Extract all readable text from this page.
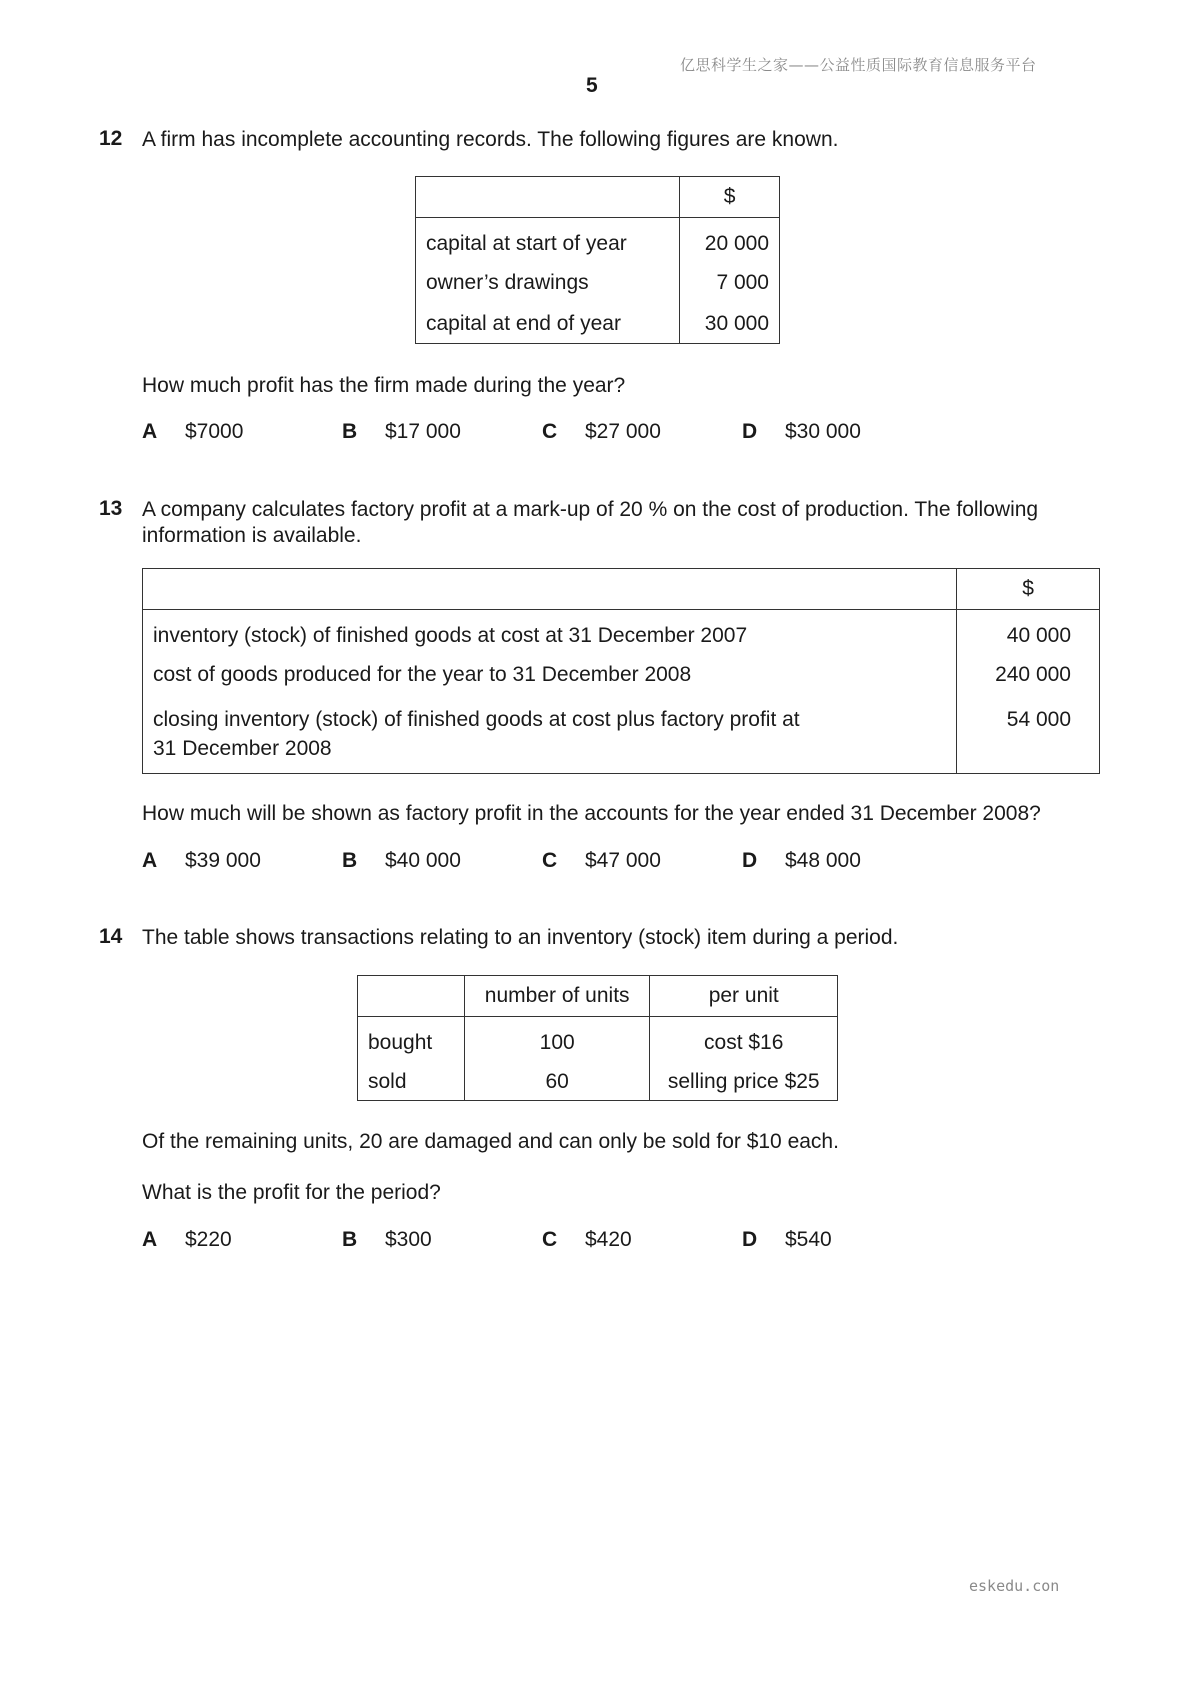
亿思科学生之家——公益性质国际教育信息服务平台
5
12 A firm has incomplete accounting records. The following figures are known.
	$
capital at start of year	20 000
owner’s drawings	7 000
capital at end of year	30 000
How much profit has the firm made during the year?
A $7000	B $17 000	C $27 000	D $30 000
13 A company calculates factory profit at a mark-up of 20 % on the cost of production. The following
information is available.
	$
inventory (stock) of finished goods at cost at 31 December 2007	40 000
cost of goods produced for the year to 31 December 2008	240 000

closing inventory (stock) of finished goods at cost plus factory profit at
31 December 2008	54 000
How much will be shown as factory profit in the accounts for the year ended 31 December 2008?
A $39 000	B $40 000	C $47 000	D $48 000
14 The table shows transactions relating to an inventory (stock) item during a period.
	number of units	per unit
bought	100	cost $16
sold	60	selling price $25
Of the remaining units, 20 are damaged and can only be sold for $10 each.
What is the profit for the period?
A $220	B $300	C $420	D $540
eskedu.con
